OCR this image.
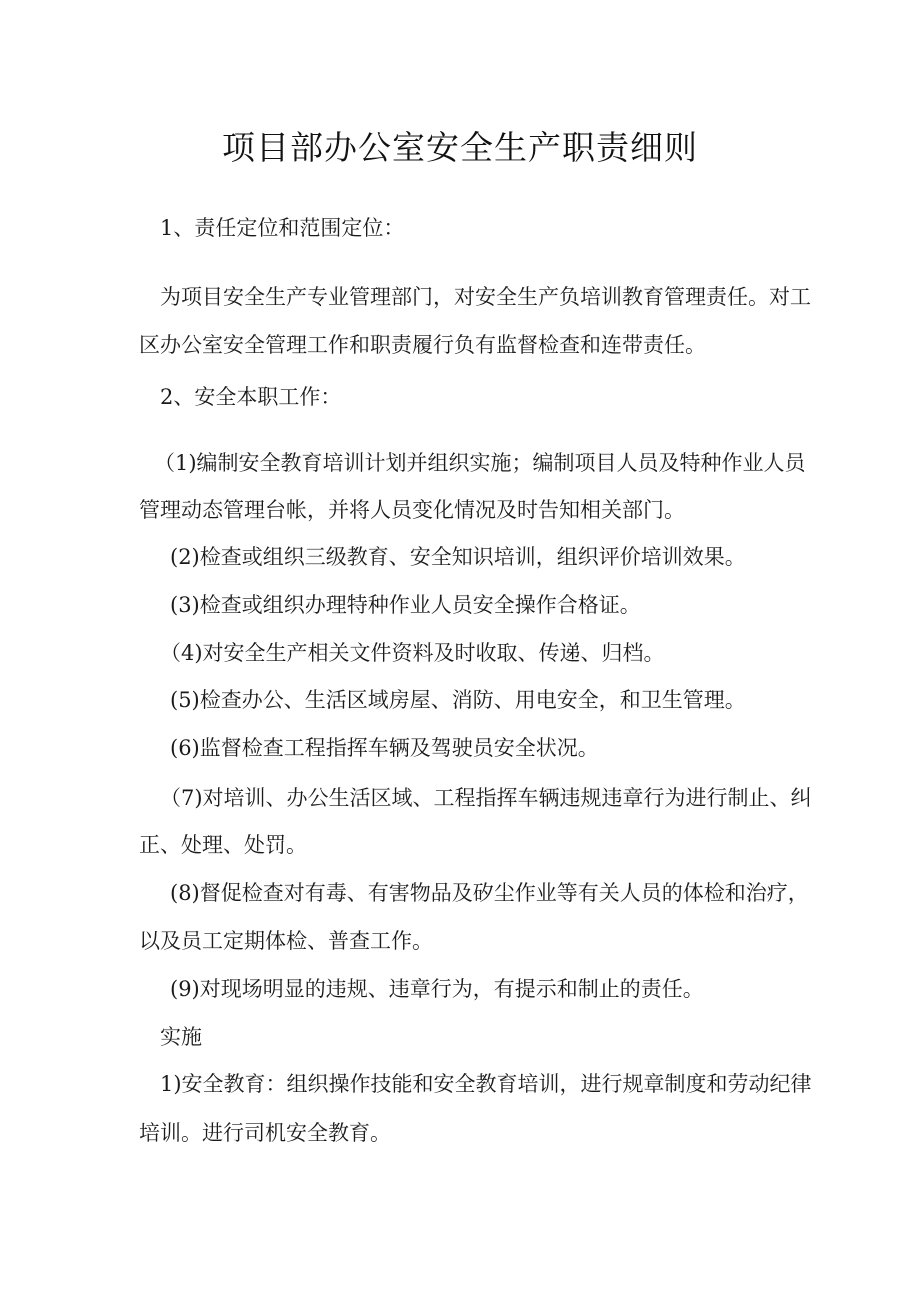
项目部办公室安全生产职责细则
1、责任定位和范围定位：
为项目安全生产专业管理部门，对安全生产负培训教育管理责任。对工
区办公室安全管理工作和职责履行负有监督检查和连带责任。
2、安全本职工作：
（1)编制安全教育培训计划并组织实施；编制项目人员及特种作业人员
管理动态管理台帐，并将人员变化情况及时告知相关部门。
(2)检查或组织三级教育、安全知识培训，组织评价培训效果。
(3)检查或组织办理特种作业人员安全操作合格证。
（4)对安全生产相关文件资料及时收取、传递、归档。
(5)检查办公、生活区域房屋、消防、用电安全，和卫生管理。
(6)监督检查工程指挥车辆及驾驶员安全状况。
（7)对培训、办公生活区域、工程指挥车辆违规违章行为进行制止、纠
正、处理、处罚。
(8)督促检查对有毒、有害物品及矽尘作业等有关人员的体检和治疗，
以及员工定期体检、普查工作。
(9)对现场明显的违规、违章行为，有提示和制止的责任。
实施
1)安全教育：组织操作技能和安全教育培训，进行规章制度和劳动纪律
培训。进行司机安全教育。
